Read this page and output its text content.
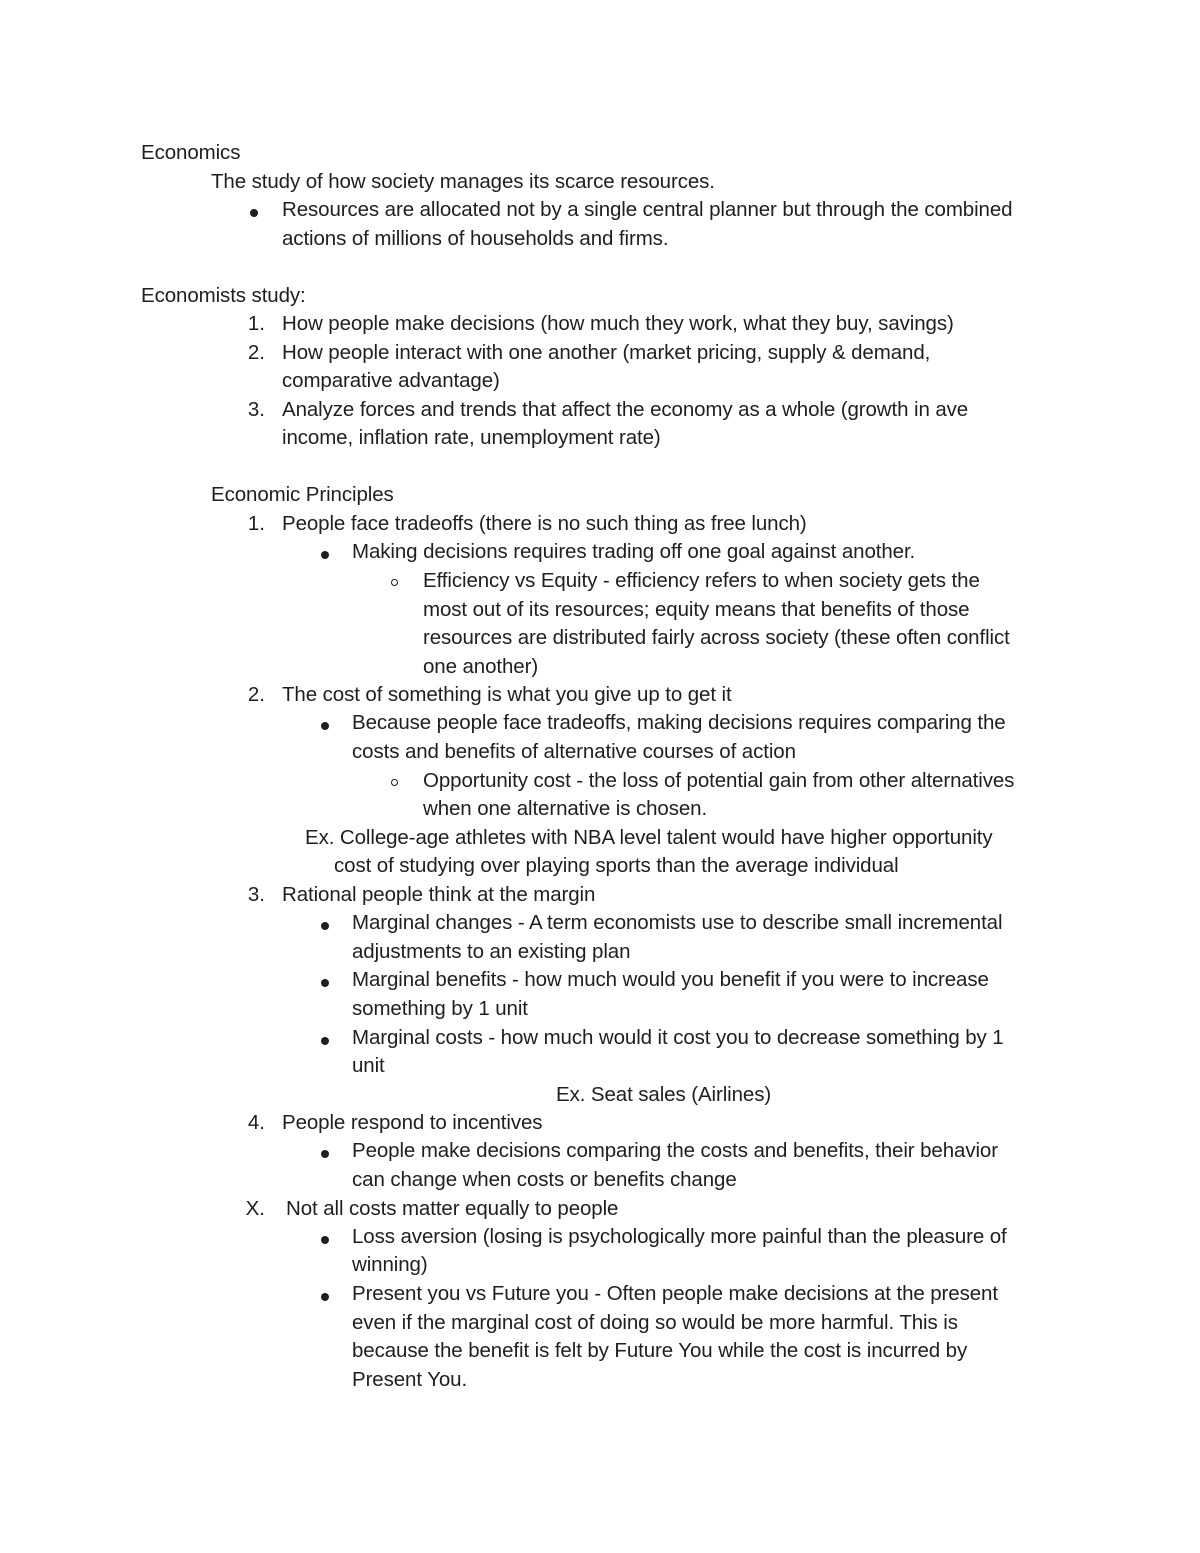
Economics
The study of how society manages its scarce resources.
Resources are allocated not by a single central planner but through the combined
actions of millions of households and firms.
Economists study:
1. How people make decisions (how much they work, what they buy, savings)
2. How people interact with one another (market pricing, supply & demand,
comparative advantage)
3. Analyze forces and trends that affect the economy as a whole (growth in ave
income, inflation rate, unemployment rate)
Economic Principles
1. People face tradeoffs (there is no such thing as free lunch)
Making decisions requires trading off one goal against another.
Efficiency vs Equity - efficiency refers to when society gets the
most out of its resources; equity means that benefits of those
resources are distributed fairly across society (these often conflict
one another)
2. The cost of something is what you give up to get it
Because people face tradeoffs, making decisions requires comparing the
costs and benefits of alternative courses of action
Opportunity cost - the loss of potential gain from other alternatives
when one alternative is chosen.
Ex. College-age athletes with NBA level talent would have higher opportunity
cost of studying over playing sports than the average individual
3. Rational people think at the margin
Marginal changes - A term economists use to describe small incremental
adjustments to an existing plan
Marginal benefits - how much would you benefit if you were to increase
something by 1 unit
Marginal costs - how much would it cost you to decrease something by 1
unit
Ex. Seat sales (Airlines)
4. People respond to incentives
People make decisions comparing the costs and benefits, their behavior
can change when costs or benefits change
X. Not all costs matter equally to people
Loss aversion (losing is psychologically more painful than the pleasure of
winning)
Present you vs Future you - Often people make decisions at the present
even if the marginal cost of doing so would be more harmful. This is
because the benefit is felt by Future You while the cost is incurred by
Present You.
